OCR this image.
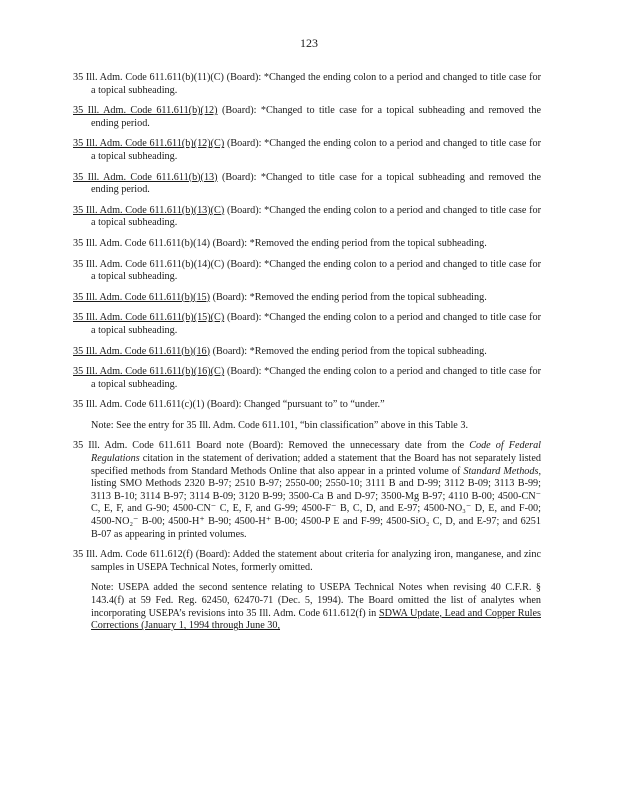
123
35 Ill. Adm. Code 611.611(b)(11)(C) (Board): *Changed the ending colon to a period and changed to title case for a topical subheading.
35 Ill. Adm. Code 611.611(b)(12) (Board): *Changed to title case for a topical subheading and removed the ending period.
35 Ill. Adm. Code 611.611(b)(12)(C) (Board): *Changed the ending colon to a period and changed to title case for a topical subheading.
35 Ill. Adm. Code 611.611(b)(13) (Board): *Changed to title case for a topical subheading and removed the ending period.
35 Ill. Adm. Code 611.611(b)(13)(C) (Board): *Changed the ending colon to a period and changed to title case for a topical subheading.
35 Ill. Adm. Code 611.611(b)(14) (Board): *Removed the ending period from the topical subheading.
35 Ill. Adm. Code 611.611(b)(14)(C) (Board): *Changed the ending colon to a period and changed to title case for a topical subheading.
35 Ill. Adm. Code 611.611(b)(15) (Board): *Removed the ending period from the topical subheading.
35 Ill. Adm. Code 611.611(b)(15)(C) (Board): *Changed the ending colon to a period and changed to title case for a topical subheading.
35 Ill. Adm. Code 611.611(b)(16) (Board): *Removed the ending period from the topical subheading.
35 Ill. Adm. Code 611.611(b)(16)(C) (Board): *Changed the ending colon to a period and changed to title case for a topical subheading.
35 Ill. Adm. Code 611.611(c)(1) (Board): Changed “pursuant to” to “under.”
Note: See the entry for 35 Ill. Adm. Code 611.101, “bin classification” above in this Table 3.
35 Ill. Adm. Code 611.611 Board note (Board): Removed the unnecessary date from the Code of Federal Regulations citation in the statement of derivation; added a statement that the Board has not separately listed specified methods from Standard Methods Online that also appear in a printed volume of Standard Methods, listing SMO Methods 2320 B-97; 2510 B-97; 2550-00; 2550-10; 3111 B and D-99; 3112 B-09; 3113 B-99; 3113 B-10; 3114 B-97; 3114 B-09; 3120 B-99; 3500-Ca B and D-97; 3500-Mg B-97; 4110 B-00; 4500-CN⁻ C, E, F, and G-90; 4500-CN⁻ C, E, F, and G-99; 4500-F⁻ B, C, D, and E-97; 4500-NO₃⁻ D, E, and F-00; 4500-NO₂⁻ B-00; 4500-H⁺ B-90; 4500-H⁺ B-00; 4500-P E and F-99; 4500-SiO₂ C, D, and E-97; and 6251 B-07 as appearing in printed volumes.
35 Ill. Adm. Code 611.612(f) (Board): Added the statement about criteria for analyzing iron, manganese, and zinc samples in USEPA Technical Notes, formerly omitted.
Note: USEPA added the second sentence relating to USEPA Technical Notes when revising 40 C.F.R. § 143.4(f) at 59 Fed. Reg. 62450, 62470-71 (Dec. 5, 1994). The Board omitted the list of analytes when incorporating USEPA’s revisions into 35 Ill. Adm. Code 611.612(f) in SDWA Update, Lead and Copper Rules Corrections (January 1, 1994 through June 30,
